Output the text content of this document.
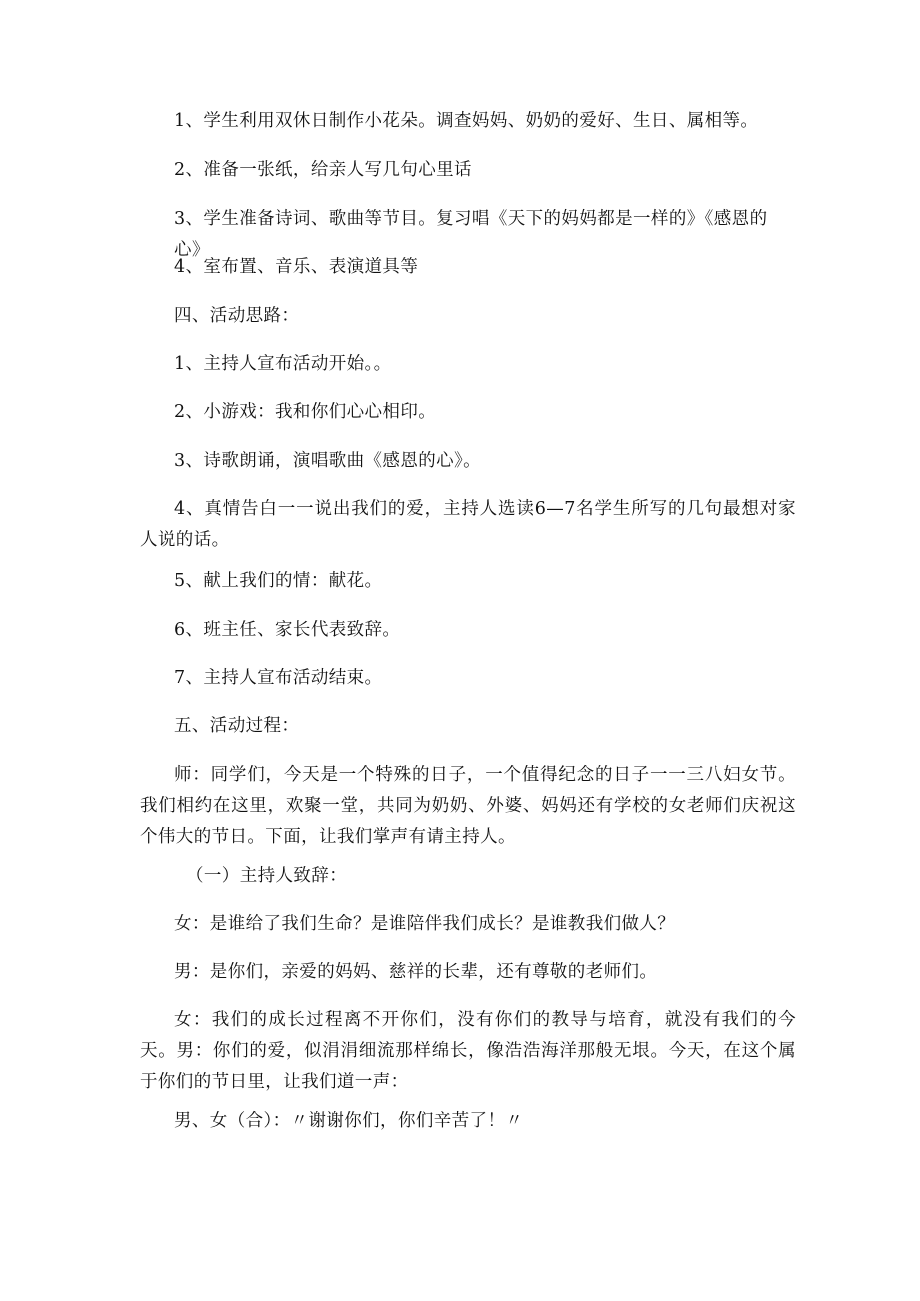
1、学生利用双休日制作小花朵。调查妈妈、奶奶的爱好、生日、属相等。

2、准备一张纸，给亲人写几句心里话

3、学生准备诗词、歌曲等节目。复习唱《天下的妈妈都是一样的》《感恩的心》

4、室布置、音乐、表演道具等

四、活动思路：

1、主持人宣布活动开始。。

2、小游戏：我和你们心心相印。

3、诗歌朗诵，演唱歌曲《感恩的心》。

4、真情告白一一说出我们的爱，主持人选读6—7名学生所写的几句最想对家人说的话。

5、献上我们的情：献花。

6、班主任、家长代表致辞。

7、主持人宣布活动结束。

五、活动过程：

师：同学们，今天是一个特殊的日子，一个值得纪念的日子一一三八妇女节。我们相约在这里，欢聚一堂，共同为奶奶、外婆、妈妈还有学校的女老师们庆祝这个伟大的节日。下面，让我们掌声有请主持人。

（一）主持人致辞：

女：是谁给了我们生命？是谁陪伴我们成长？是谁教我们做人？

男：是你们，亲爱的妈妈、慈祥的长辈，还有尊敬的老师们。

女：我们的成长过程离不开你们，没有你们的教导与培育，就没有我们的今天。男：你们的爱，似涓涓细流那样绵长，像浩浩海洋那般无垠。今天，在这个属于你们的节日里，让我们道一声：

男、女（合）：〃谢谢你们，你们辛苦了！〃
